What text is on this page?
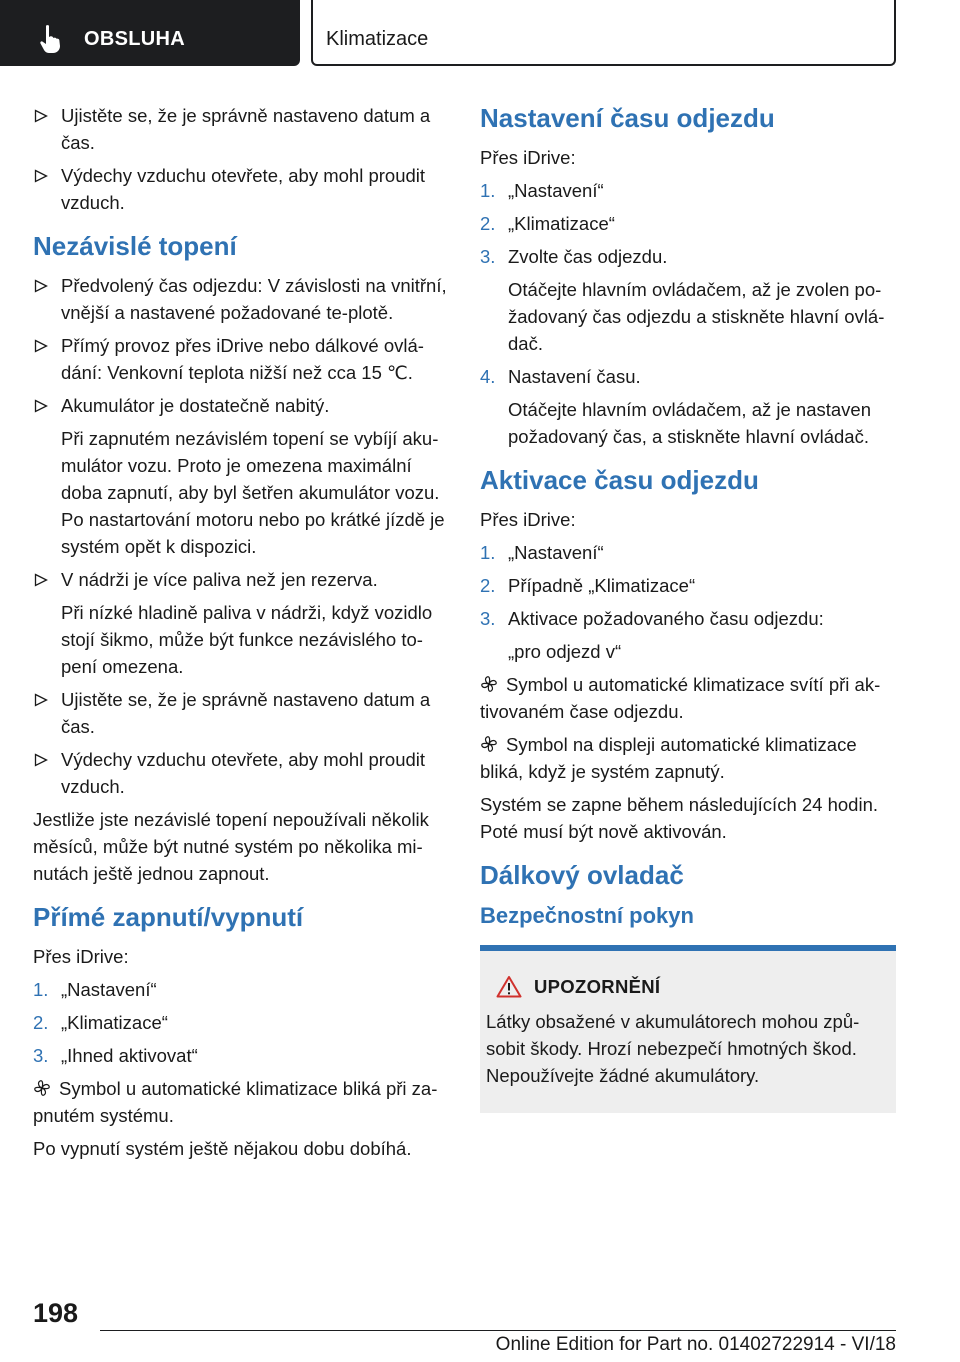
OBSLUHA	Klimatizace
Ujistěte se, že je správně nastaveno datum a čas.
Výdechy vzduchu otevřete, aby mohl proudit vzduch.
Nezávislé topení
Předvolený čas odjezdu: V závislosti na vnitřní, vnější a nastavené požadované te‐plotě.
Přímý provoz přes iDrive nebo dálkové ovlá‐dání: Venkovní teplota nižší než cca 15 ℃.
Akumulátor je dostatečně nabitý.

Při zapnutém nezávislém topení se vybíjí aku‐mulátor vozu. Proto je omezena maximální doba zapnutí, aby byl šetřen akumulátor vozu. Po nastartování motoru nebo po krátké jízdě je systém opět k dispozici.

V nádrži je více paliva než jen rezerva.

Při nízké hladině paliva v nádrži, když vozidlo stojí šikmo, může být funkce nezávislého to‐pení omezena.

Ujistěte se, že je správně nastaveno datum a čas.
Výdechy vzduchu otevřete, aby mohl proudit vzduch.

Jestliže jste nezávislé topení nepoužívali několik měsíců, může být nutné systém po několika mi‐nutách ještě jednou zapnout.

Přímé zapnutí/vypnutí

Přes iDrive:

1. „Nastavení“
2. „Klimatizace“
3. „Ihned aktivovat“

Symbol u automatické klimatizace bliká při za‐pnutém systému.

Po vypnutí systém ještě nějakou dobu dobíhá.

Nastavení času odjezdu

Přes iDrive:

1. „Nastavení“
2. „Klimatizace“
3. Zvolte čas odjezdu.

Otáčejte hlavním ovládačem, až je zvolen po‐žadovaný čas odjezdu a stiskněte hlavní ovlá‐dač.

4. Nastavení času.

Otáčejte hlavním ovládačem, až je nastaven požadovaný čas, a stiskněte hlavní ovládač.

Aktivace času odjezdu

Přes iDrive:

1. „Nastavení“
2. Případně „Klimatizace“
3. Aktivace požadovaného času odjezdu:

„pro odjezd v“

Symbol u automatické klimatizace svítí při ak‐tivovaném čase odjezdu.

Symbol na displeji automatické klimatizace bliká, když je systém zapnutý.

Systém se zapne během následujících 24 hodin. Poté musí být nově aktivován.

Dálkový ovladač
Bezpečnostní pokyn
UPOZORNĚNÍ

Látky obsažené v akumulátorech mohou způ‐sobit škody. Hrozí nebezpečí hmotných škod. Nepoužívejte žádné akumulátory.

198
Online Edition for Part no. 01402722914 - VI/18
